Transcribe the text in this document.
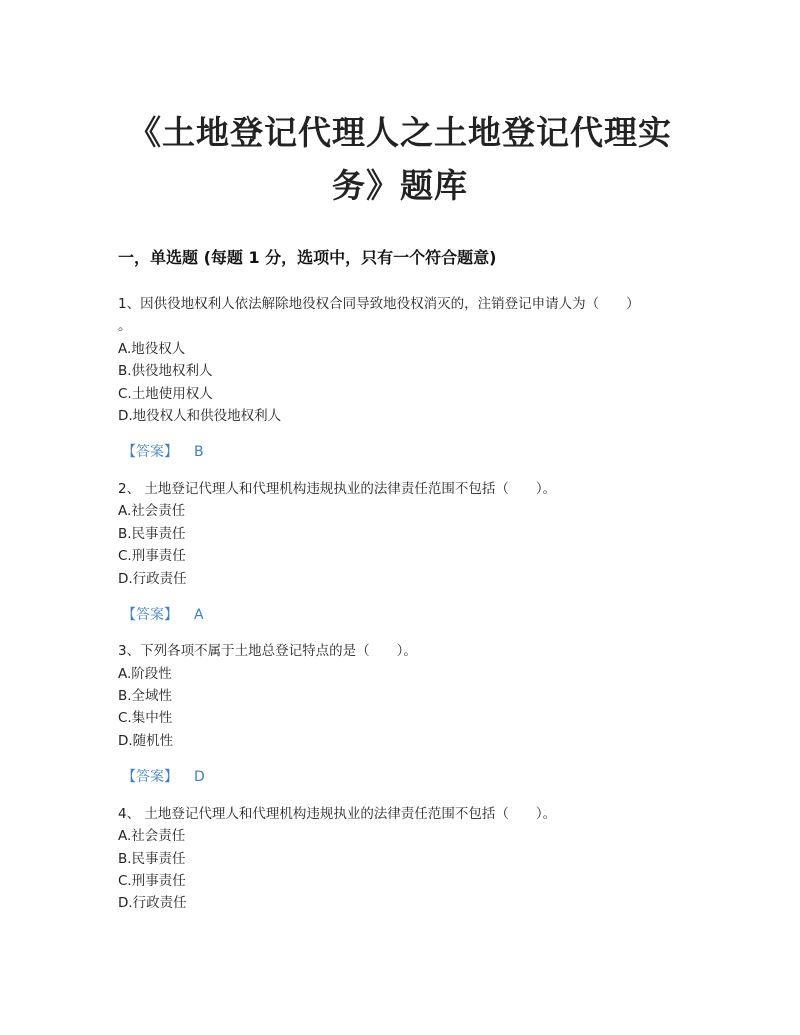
《土地登记代理人之土地登记代理实
务》题库
一，单选题 (每题 1 分，选项中，只有一个符合题意)
1、因供役地权利人依法解除地役权合同导致地役权消灭的，注销登记申请人为（　　）
。
A.地役权人
B.供役地权利人
C.土地使用权人
D.地役权人和供役地权利人
【答案】 B
2、 土地登记代理人和代理机构违规执业的法律责任范围不包括（　　）。
A.社会责任
B.民事责任
C.刑事责任
D.行政责任
【答案】 A
3、下列各项不属于土地总登记特点的是（　　）。
A.阶段性
B.全域性
C.集中性
D.随机性
【答案】 D
4、 土地登记代理人和代理机构违规执业的法律责任范围不包括（　　）。
A.社会责任
B.民事责任
C.刑事责任
D.行政责任
